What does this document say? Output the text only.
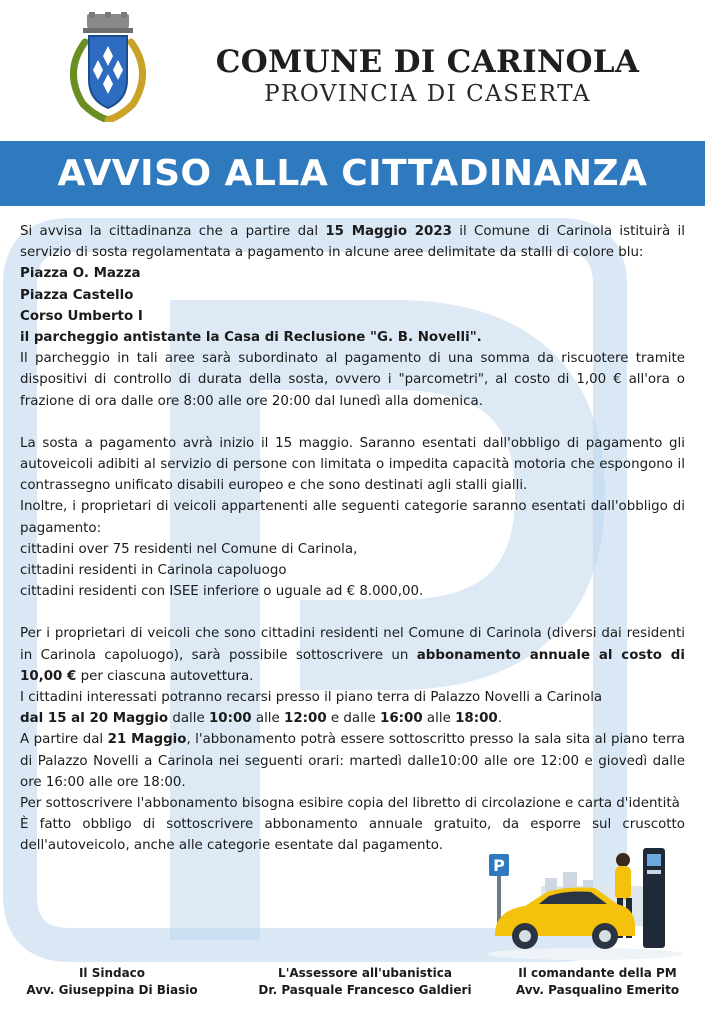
COMUNE DI CARINOLA
PROVINCIA DI CASERTA
AVVISO ALLA CITTADINANZA

Si avvisa la cittadinanza che a partire dal 15 Maggio 2023 il Comune di Carinola istituirà il servizio di sosta regolamentata a pagamento in alcune aree delimitate da stalli di colore blu:

Piazza O. Mazza

Piazza Castello

Corso Umberto I

il parcheggio antistante la Casa di Reclusione "G. B. Novelli".

Il parcheggio in tali aree sarà subordinato al pagamento di una somma da riscuotere tramite dispositivi di controllo di durata della sosta, ovvero i "parcometri", al costo di 1,00 € all'ora o frazione di ora dalle ore 8:00 alle ore 20:00 dal lunedì alla domenica.

La sosta a pagamento avrà inizio il 15 maggio. Saranno esentati dall'obbligo di pagamento gli autoveicoli adibiti al servizio di persone con limitata o impedita capacità motoria che espongono il contrassegno unificato disabili europeo e che sono destinati agli stalli gialli.

Inoltre, i proprietari di veicoli appartenenti alle seguenti categorie saranno esentati dall'obbligo di pagamento:

cittadini over 75 residenti nel Comune di Carinola,

cittadini residenti in Carinola capoluogo

cittadini residenti con ISEE inferiore o uguale ad € 8.000,00.

Per i proprietari di veicoli che sono cittadini residenti nel Comune di Carinola (diversi dai residenti in Carinola capoluogo), sarà possibile sottoscrivere un abbonamento annuale al costo di 10,00 € per ciascuna autovettura.

I cittadini interessati potranno recarsi presso il piano terra di Palazzo Novelli a Carinola

dal 15 al 20 Maggio dalle 10:00 alle 12:00 e dalle 16:00 alle 18:00.

A partire dal 21 Maggio, l'abbonamento potrà essere sottoscritto presso la sala sita al piano terra di Palazzo Novelli a Carinola nei seguenti orari: martedì dalle10:00 alle ore 12:00 e giovedì dalle ore 16:00 alle ore 18:00.

Per sottoscrivere l'abbonamento bisogna esibire copia del libretto di circolazione e carta d'identità

È fatto obbligo di sottoscrivere abbonamento annuale gratuito, da esporre sul cruscotto dell'autoveicolo, anche alle categorie esentate dal pagamento.

P
Il Sindaco
Avv. Giuseppina Di Biasio
L'Assessore all'ubanistica
Dr. Pasquale Francesco Galdieri
Il comandante della PM
Avv. Pasqualino Emerito
